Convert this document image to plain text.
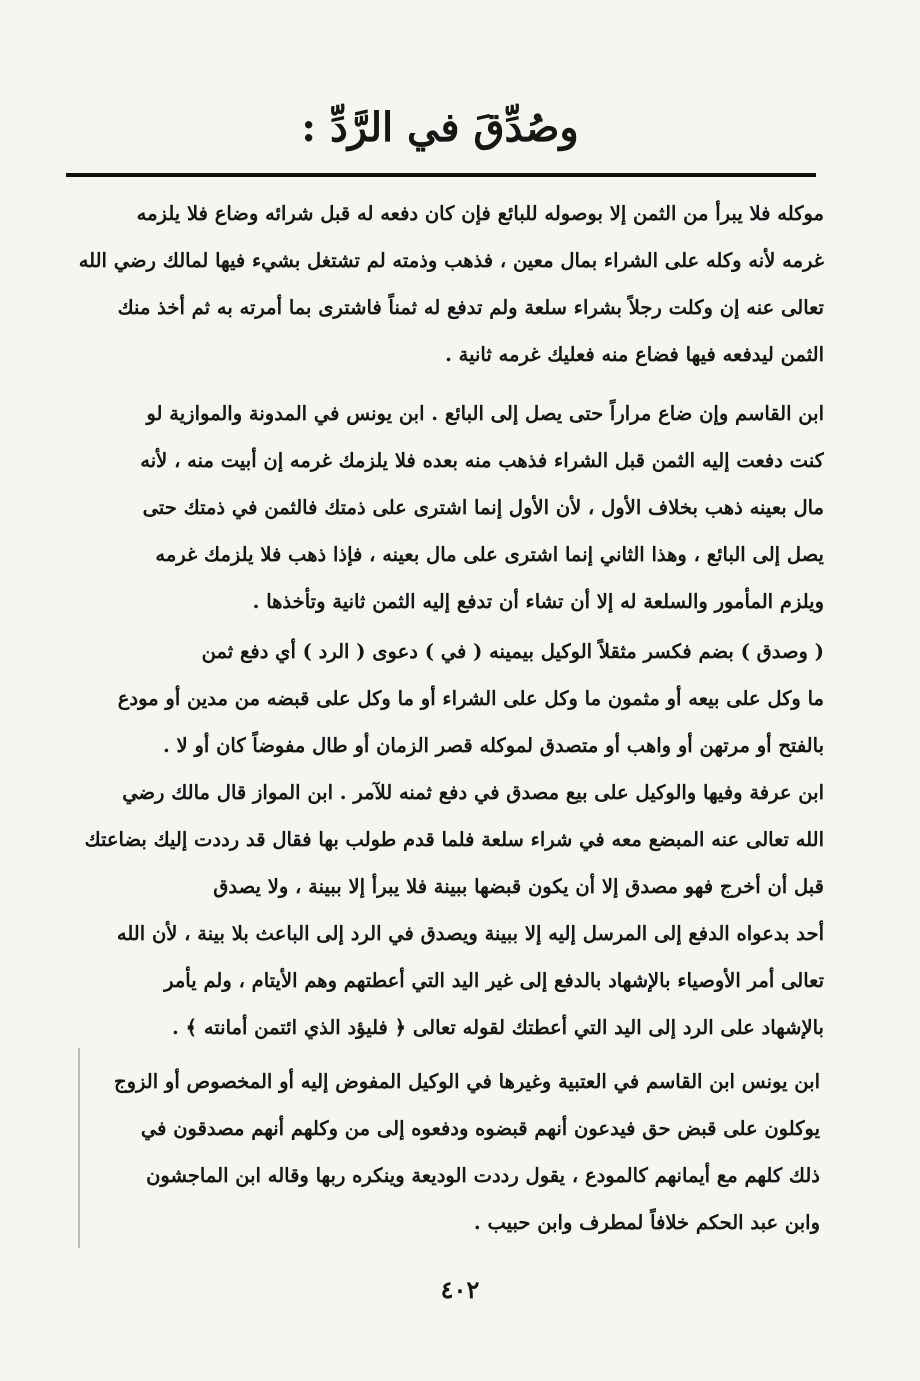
وصُدِّقَ في الرَّدِّ :
موكله فلا يبرأ من الثمن إلا بوصوله للبائع فإن كان دفعه له قبل شرائه وضاع فلا يلزمه
غرمه لأنه وكله على الشراء بمال معين ، فذهب وذمته لم تشتغل بشيء فيها لمالك رضي الله
تعالى عنه إن وكلت رجلاً بشراء سلعة ولم تدفع له ثمناً فاشترى بما أمرته به ثم أخذ منك
الثمن ليدفعه فيها فضاع منه فعليك غرمه ثانية .
ابن القاسم وإن ضاع مراراً حتى يصل إلى البائع . ابن يونس في المدونة والموازية لو
كنت دفعت إليه الثمن قبل الشراء فذهب منه بعده فلا يلزمك غرمه إن أبيت منه ، لأنه
مال بعينه ذهب بخلاف الأول ، لأن الأول إنما اشترى على ذمتك فالثمن في ذمتك حتى
يصل إلى البائع ، وهذا الثاني إنما اشترى على مال بعينه ، فإذا ذهب فلا يلزمك غرمه
ويلزم المأمور والسلعة له إلا أن تشاء أن تدفع إليه الثمن ثانية وتأخذها .
( وصدق ) بضم فكسر مثقلاً الوكيل بيمينه ( في ) دعوى ( الرد ) أي دفع ثمن
ما وكل على بيعه أو مثمون ما وكل على الشراء أو ما وكل على قبضه من مدين أو مودع
بالفتح أو مرتهن أو واهب أو متصدق لموكله قصر الزمان أو طال مفوضاً كان أو لا .
ابن عرفة وفيها والوكيل على بيع مصدق في دفع ثمنه للآمر . ابن المواز قال مالك رضي
الله تعالى عنه المبضع معه في شراء سلعة فلما قدم طولب بها فقال قد رددت إليك بضاعتك
قبل أن أخرج فهو مصدق إلا أن يكون قبضها ببينة فلا يبرأ إلا ببينة ، ولا يصدق
أحد بدعواه الدفع إلى المرسل إليه إلا ببينة ويصدق في الرد إلى الباعث بلا بينة ، لأن الله
تعالى أمر الأوصياء بالإشهاد بالدفع إلى غير اليد التي أعطتهم وهم الأيتام ، ولم يأمر
بالإشهاد على الرد إلى اليد التي أعطتك لقوله تعالى ﴿ فليؤد الذي ائتمن أمانته ﴾ .
ابن يونس ابن القاسم في العتبية وغيرها في الوكيل المفوض إليه أو المخصوص أو الزوج
يوكلون على قبض حق فيدعون أنهم قبضوه ودفعوه إلى من وكلهم أنهم مصدقون في
ذلك كلهم مع أيمانهم كالمودع ، يقول رددت الوديعة وينكره ربها وقاله ابن الماجشون
وابن عبد الحكم خلافاً لمطرف وابن حبيب .
٤٠٢
